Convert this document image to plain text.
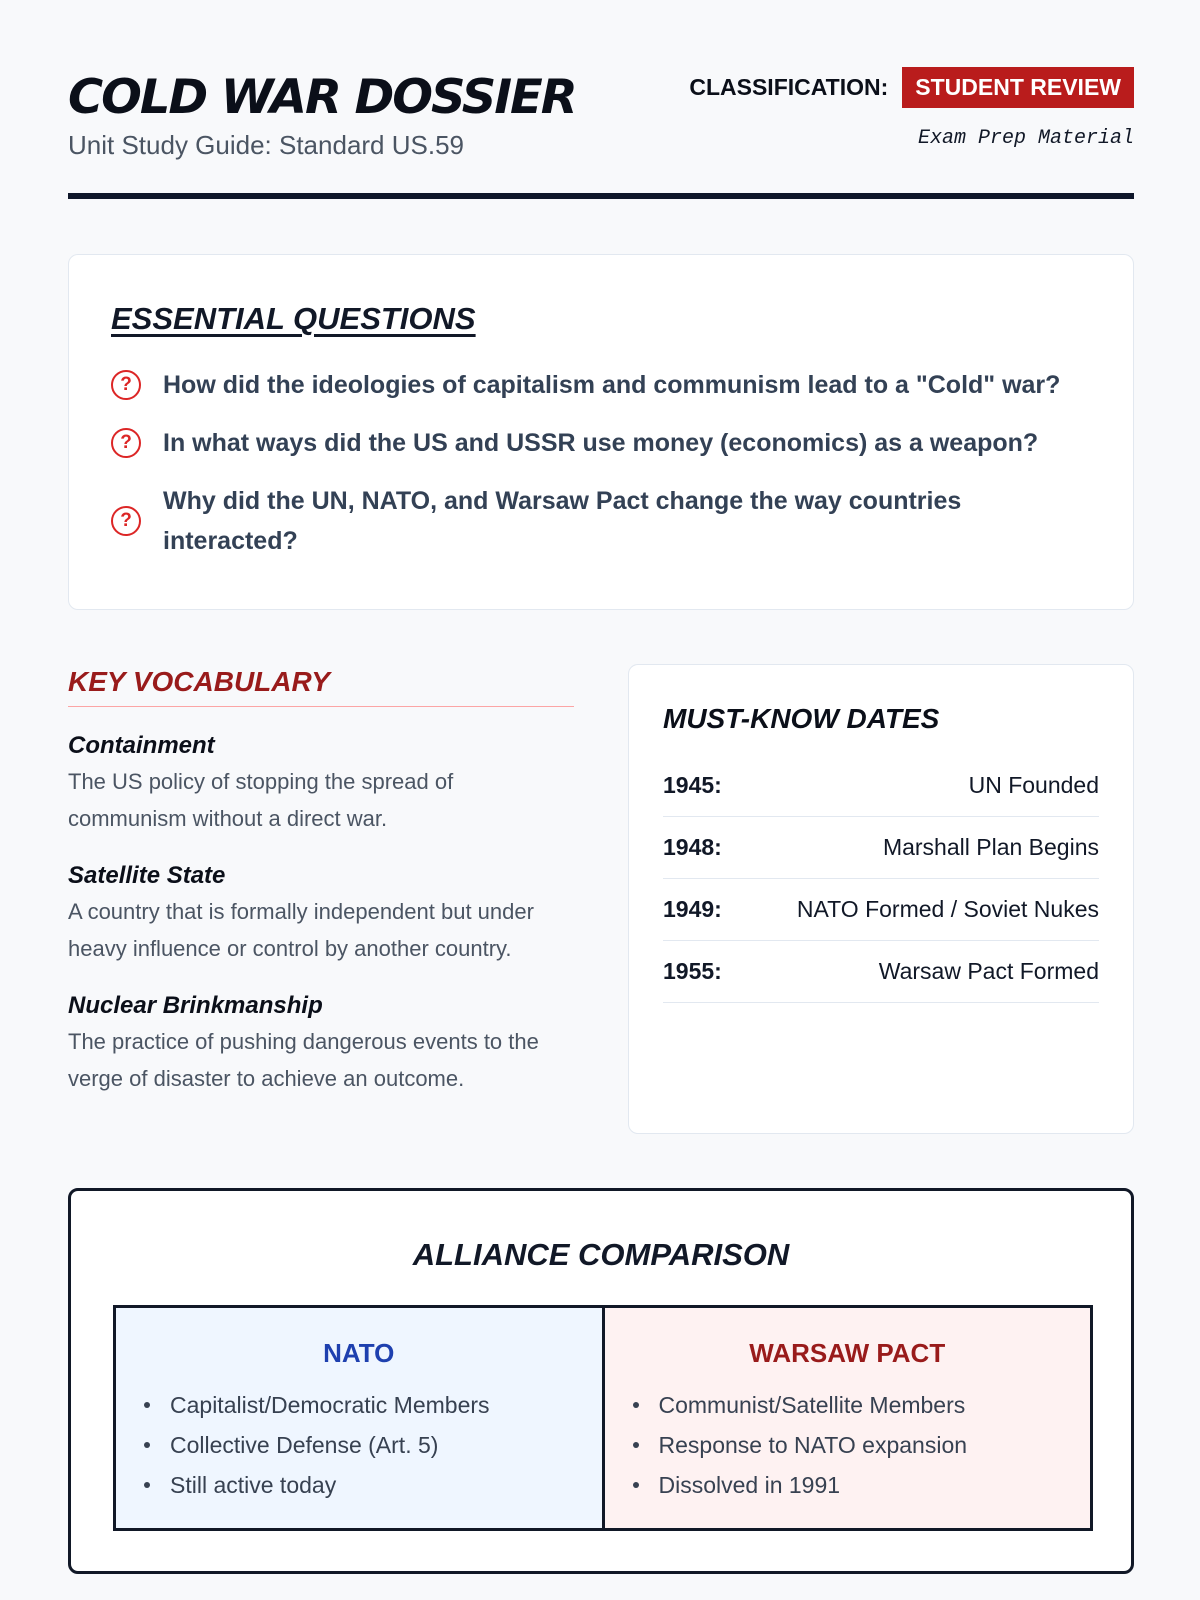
COLD WAR DOSSIER
Unit Study Guide: Standard US.59
CLASSIFICATION:	STUDENT REVIEW
Exam Prep Material
ESSENTIAL QUESTIONS
?	How did the ideologies of capitalism and communism lead to a "Cold" war?
?	In what ways did the US and USSR use money (economics) as a weapon?
?
Why did the UN, NATO, and Warsaw Pact change the way countries interacted?
KEY VOCABULARY
Containment
The US policy of stopping the spread of communism without a direct war.
Satellite State
A country that is formally independent but under heavy influence or control by another country.
Nuclear Brinkmanship
The practice of pushing dangerous events to the verge of disaster to achieve an outcome.
MUST-KNOW DATES
1945:	UN Founded
1948:	Marshall Plan Begins
1949:	NATO Formed / Soviet Nukes
1955:	Warsaw Pact Formed
ALLIANCE COMPARISON
NATO
Capitalist/Democratic Members
Collective Defense (Art. 5)
Still active today
WARSAW PACT
Communist/Satellite Members
Response to NATO expansion
Dissolved in 1991
